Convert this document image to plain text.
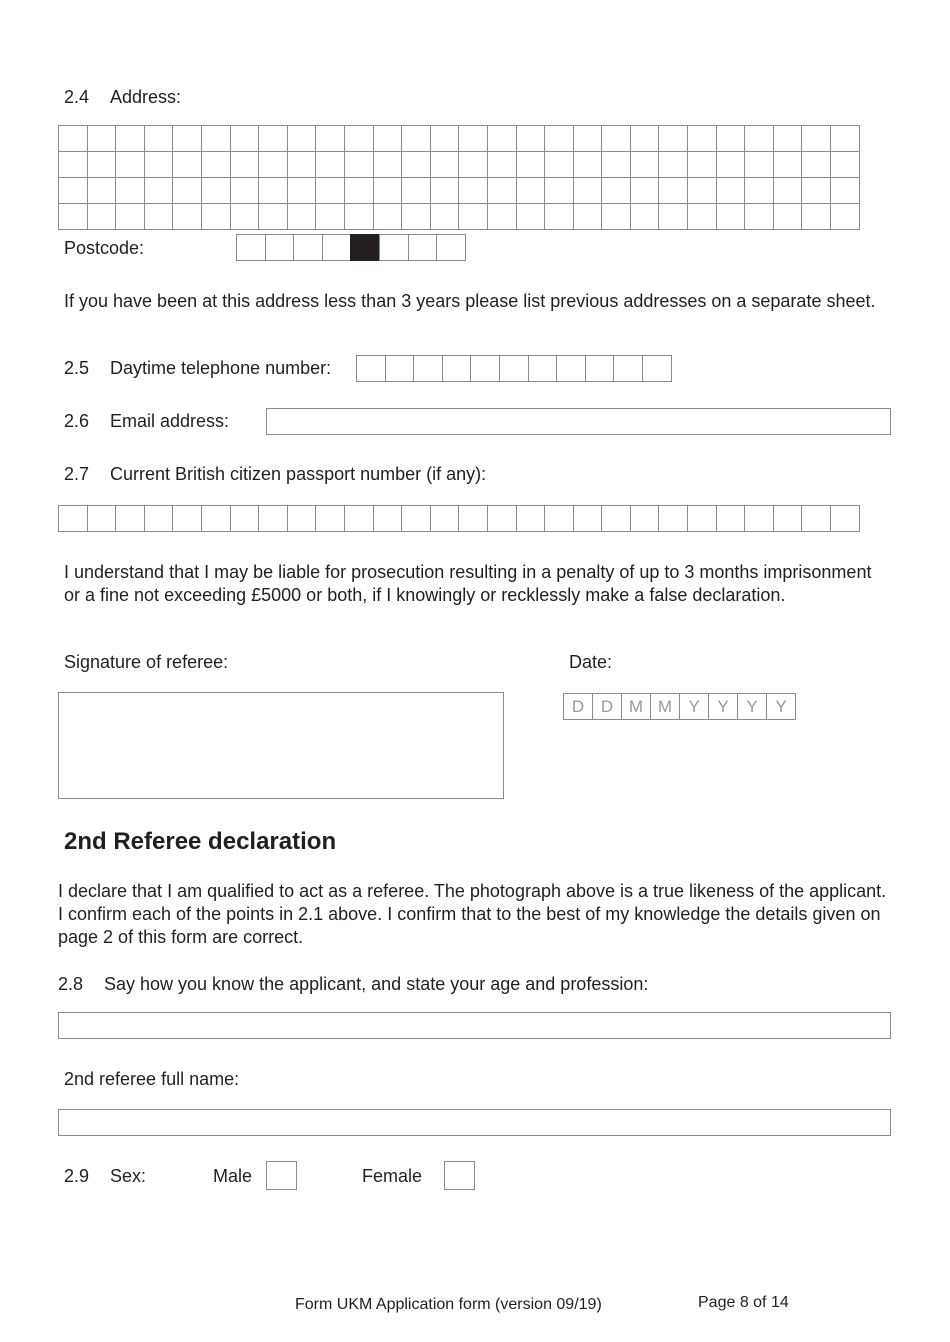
2.4 Address:
Postcode:
If you have been at this address less than 3 years please list previous addresses on a separate sheet.
2.5 Daytime telephone number:
2.6 Email address:
2.7 Current British citizen passport number (if any):
I understand that I may be liable for prosecution resulting in a penalty of up to 3 months imprisonment or a fine not exceeding £5000 or both, if I knowingly or recklessly make a false declaration.
Signature of referee:	Date:
D D M M Y	Y	Y	Y
2nd Referee declaration
I declare that I am qualified to act as a referee. The photograph above is a true likeness of the applicant. I confirm each of the points in 2.1 above. I confirm that to the best of my knowledge the details given on page 2 of this form are correct.
2.8 Say how you know the applicant, and state your age and profession:
2nd referee full name:
2.9 Sex:	Male	Female
Form UKM Application form (version 09/19)	Page 8 of 14
